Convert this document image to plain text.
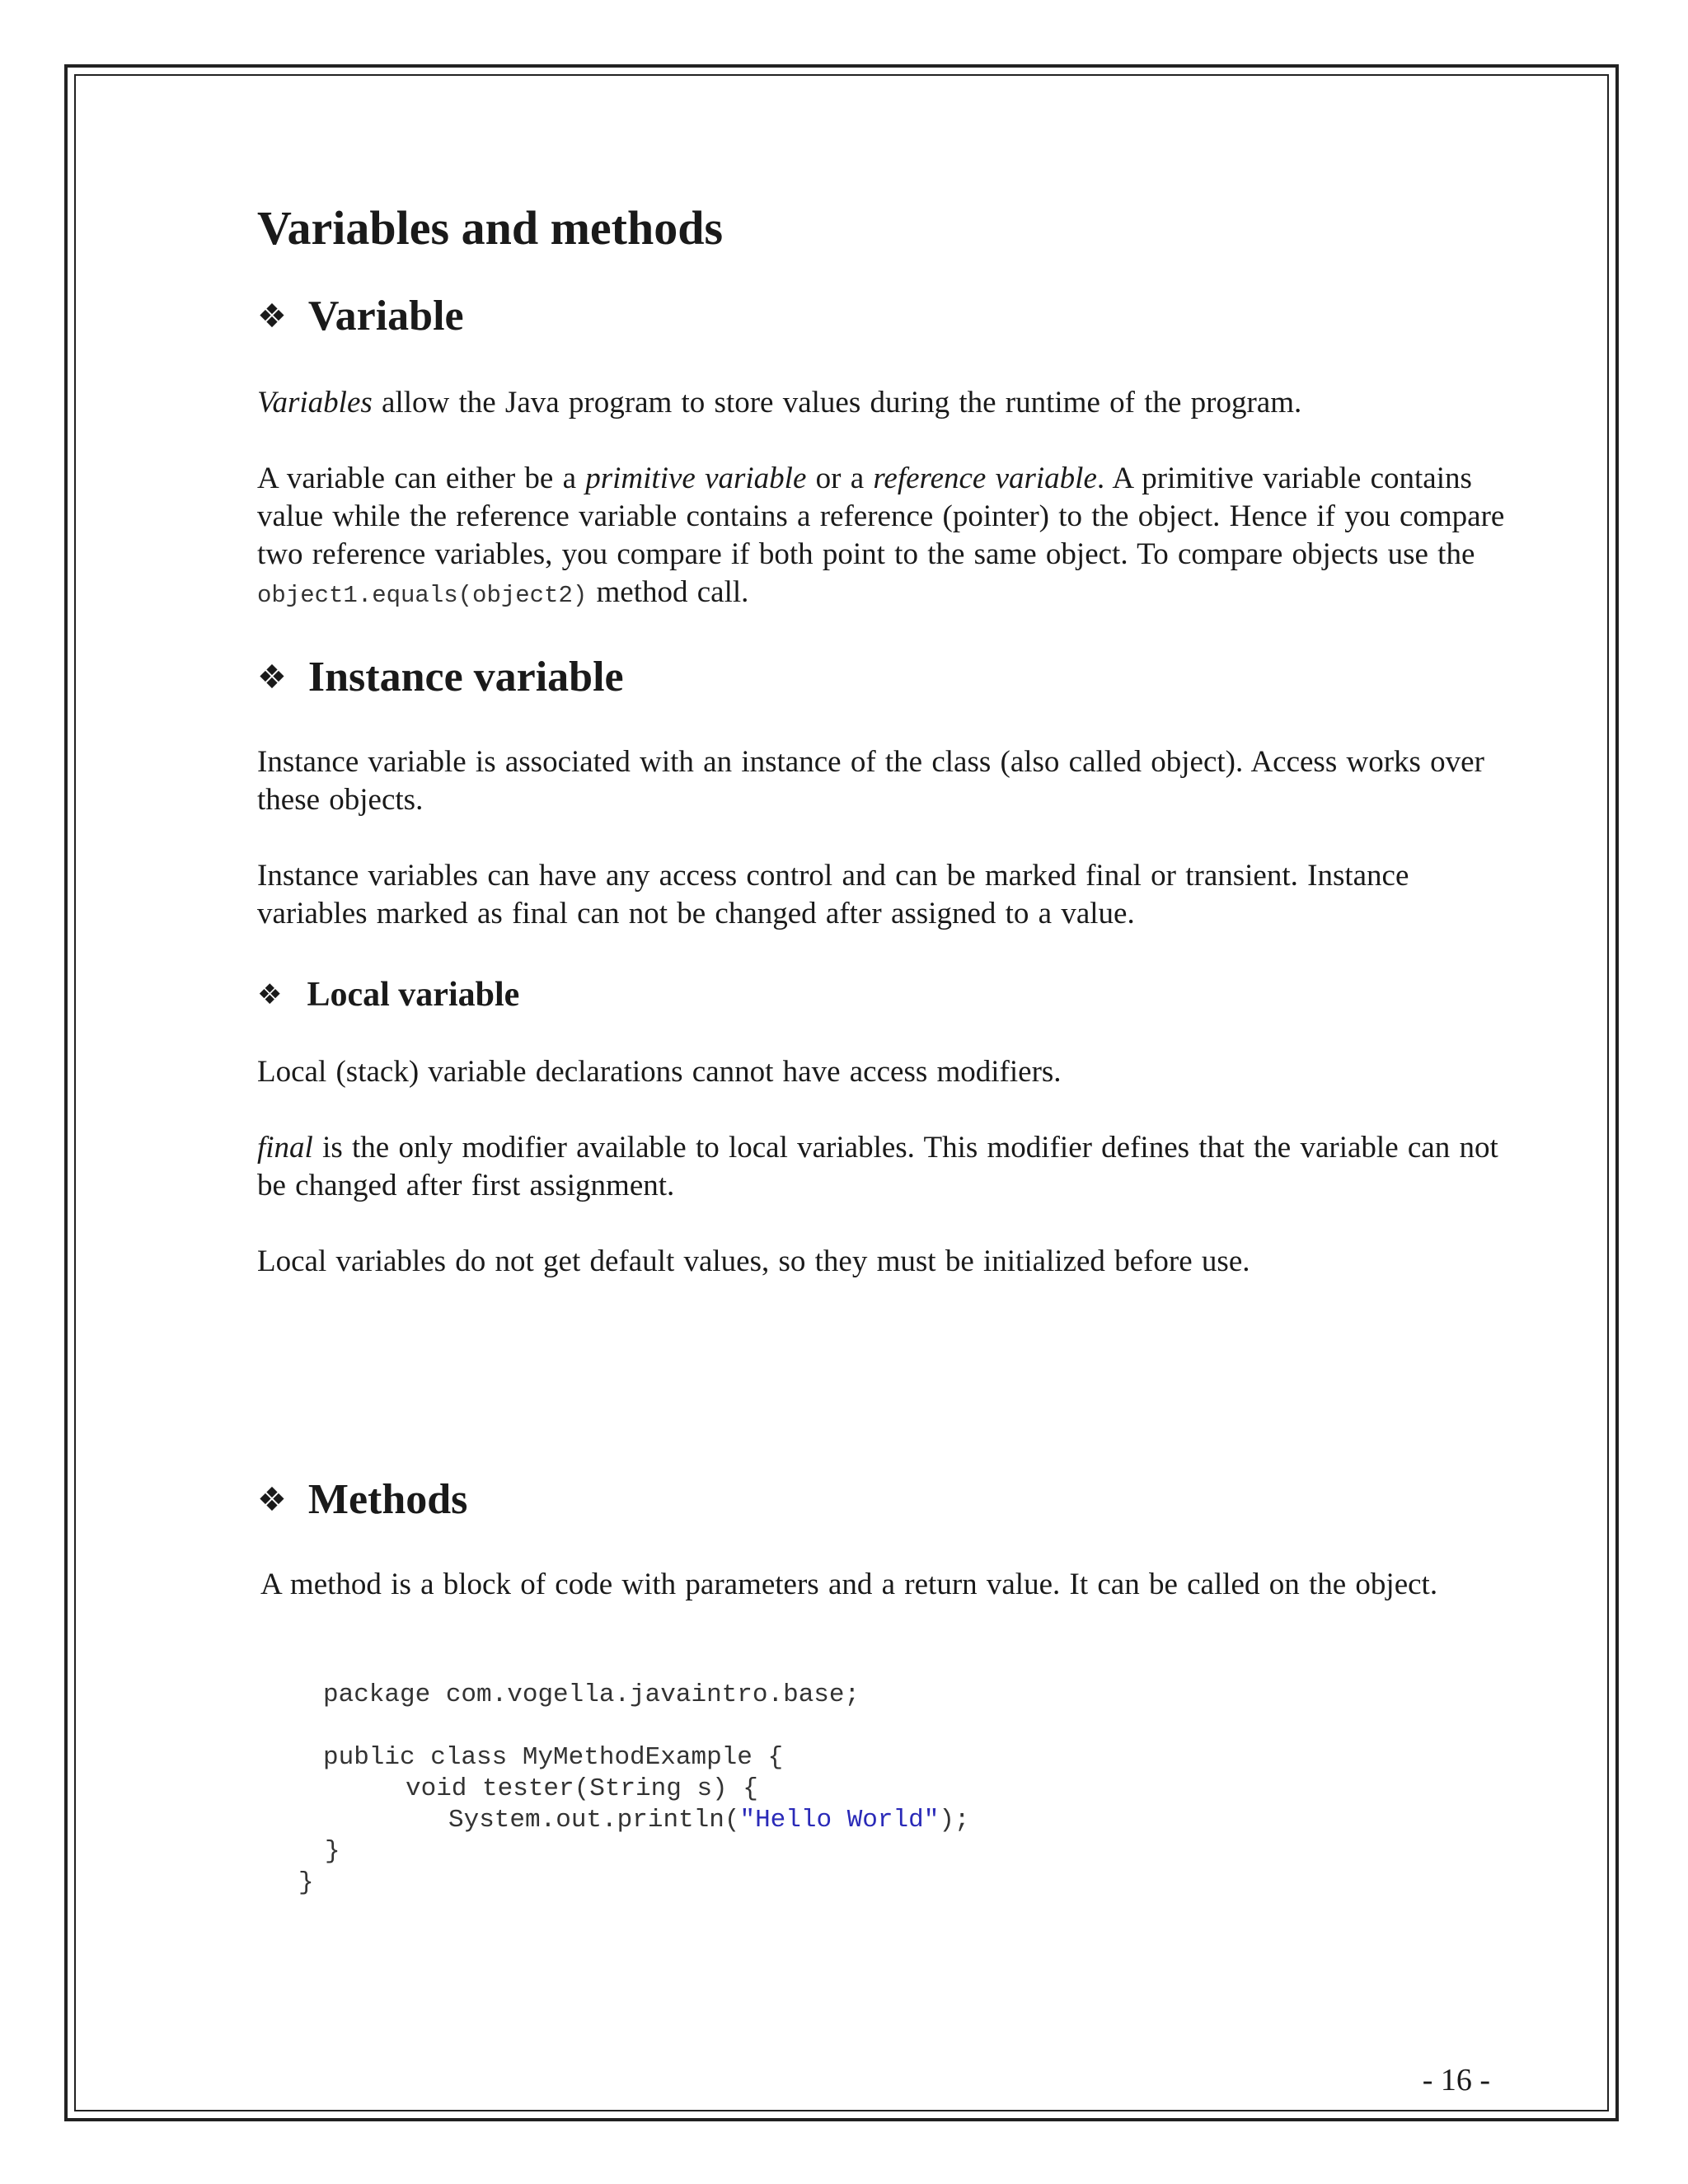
Variables and methods
❖ Variable

Variables allow the Java program to store values during the runtime of the program.

A variable can either be a primitive variable or a reference variable. A primitive variable contains value while the reference variable contains a reference (pointer) to the object. Hence if you compare two reference variables, you compare if both point to the same object. To compare objects use the object1.equals(object2) method call.

❖ Instance variable

Instance variable is associated with an instance of the class (also called object). Access works over these objects.

Instance variables can have any access control and can be marked final or transient. Instance variables marked as final can not be changed after assigned to a value.

❖ Local variable

Local (stack) variable declarations cannot have access modifiers.

final is the only modifier available to local variables. This modifier defines that the variable can not be changed after first assignment.

Local variables do not get default values, so they must be initialized before use.

❖ Methods

A method is a block of code with parameters and a return value. It can be called on the object.

package com.vogella.javaintro.base;
public class MyMethodExample {
void tester(String s) {
System.out.println("Hello World");
}
}
- 16 -
